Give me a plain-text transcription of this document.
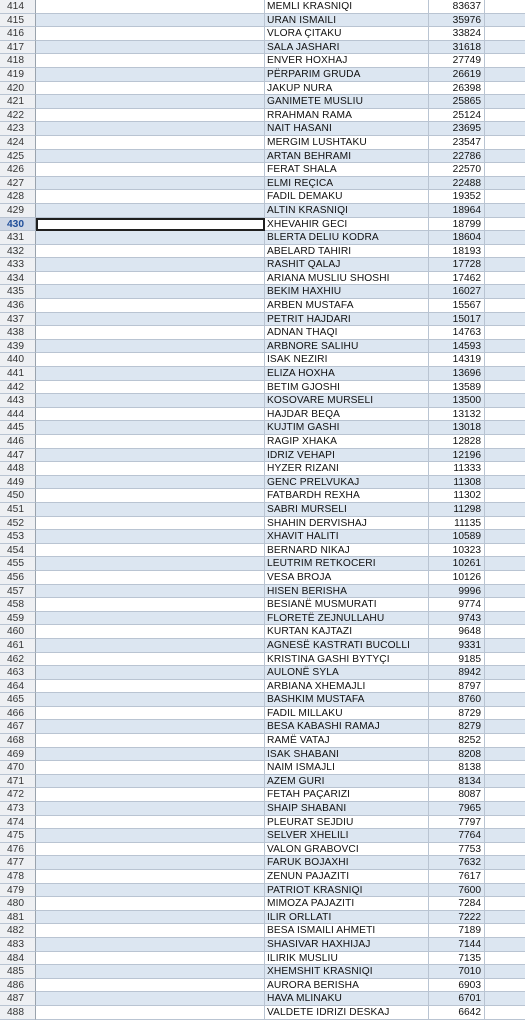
414	MEMLI KRASNIQI	83637
415	URAN ISMAILI	35976
416	VLORA ÇITAKU	33824
417	SALA JASHARI	31618
418	ENVER HOXHAJ	27749
419	PËRPARIM GRUDA	26619
420	JAKUP NURA	26398
421	GANIMETE MUSLIU	25865
422	RRAHMAN RAMA	25124
423	NAIT HASANI	23695
424	MERGIM LUSHTAKU	23547
425	ARTAN BEHRAMI	22786
426	FERAT SHALA	22570
427	ELMI REÇICA	22488
428	FADIL DEMAKU	19352
429	ALTIN KRASNIQI	18964
430	XHEVAHIR GECI	18799
431	BLERTA DELIU KODRA	18604
432	ABELARD TAHIRI	18193
433	RASHIT QALAJ	17728
434	ARIANA MUSLIU SHOSHI	17462
435	BEKIM HAXHIU	16027
436	ARBEN MUSTAFA	15567
437	PETRIT HAJDARI	15017
438	ADNAN THAQI	14763
439	ARBNORE SALIHU	14593
440	ISAK NEZIRI	14319
441	ELIZA HOXHA	13696
442	BETIM GJOSHI	13589
443	KOSOVARE MURSELI	13500
444	HAJDAR BEQA	13132
445	KUJTIM GASHI	13018
446	RAGIP XHAKA	12828
447	IDRIZ VEHAPI	12196
448	HYZER RIZANI	11333
449	GENC PRELVUKAJ	11308
450	FATBARDH REXHA	11302
451	SABRI MURSELI	11298
452	SHAHIN DERVISHAJ	11135
453	XHAVIT HALITI	10589
454	BERNARD NIKAJ	10323
455	LEUTRIM RETKOCERI	10261
456	VESA BROJA	10126
457	HISEN BERISHA	9996
458	BESIANË MUSMURATI	9774
459	FLORETË ZEJNULLAHU	9743
460	KURTAN KAJTAZI	9648
461	AGNESË KASTRATI BUCOLLI	9331
462	KRISTINA GASHI BYTYÇI	9185
463	AULONË SYLA	8942
464	ARBIANA XHEMAJLI	8797
465	BASHKIM MUSTAFA	8760
466	FADIL MILLAKU	8729
467	BESA KABASHI RAMAJ	8279
468	RAMË VATAJ	8252
469	ISAK SHABANI	8208
470	NAIM ISMAJLI	8138
471	AZEM GURI	8134
472	FETAH PAÇARIZI	8087
473	SHAIP SHABANI	7965
474	PLEURAT SEJDIU	7797
475	SELVER XHELILI	7764
476	VALON GRABOVCI	7753
477	FARUK BOJAXHI	7632
478	ZENUN PAJAZITI	7617
479	PATRIOT KRASNIQI	7600
480	MIMOZA PAJAZITI	7284
481	ILIR ORLLATI	7222
482	BESA ISMAILI AHMETI	7189
483	SHASIVAR HAXHIJAJ	7144
484	ILIRIK MUSLIU	7135
485	XHEMSHIT KRASNIQI	7010
486	AURORA BERISHA	6903
487	HAVA MLINAKU	6701
488	VALDETE IDRIZI DESKAJ	6642
